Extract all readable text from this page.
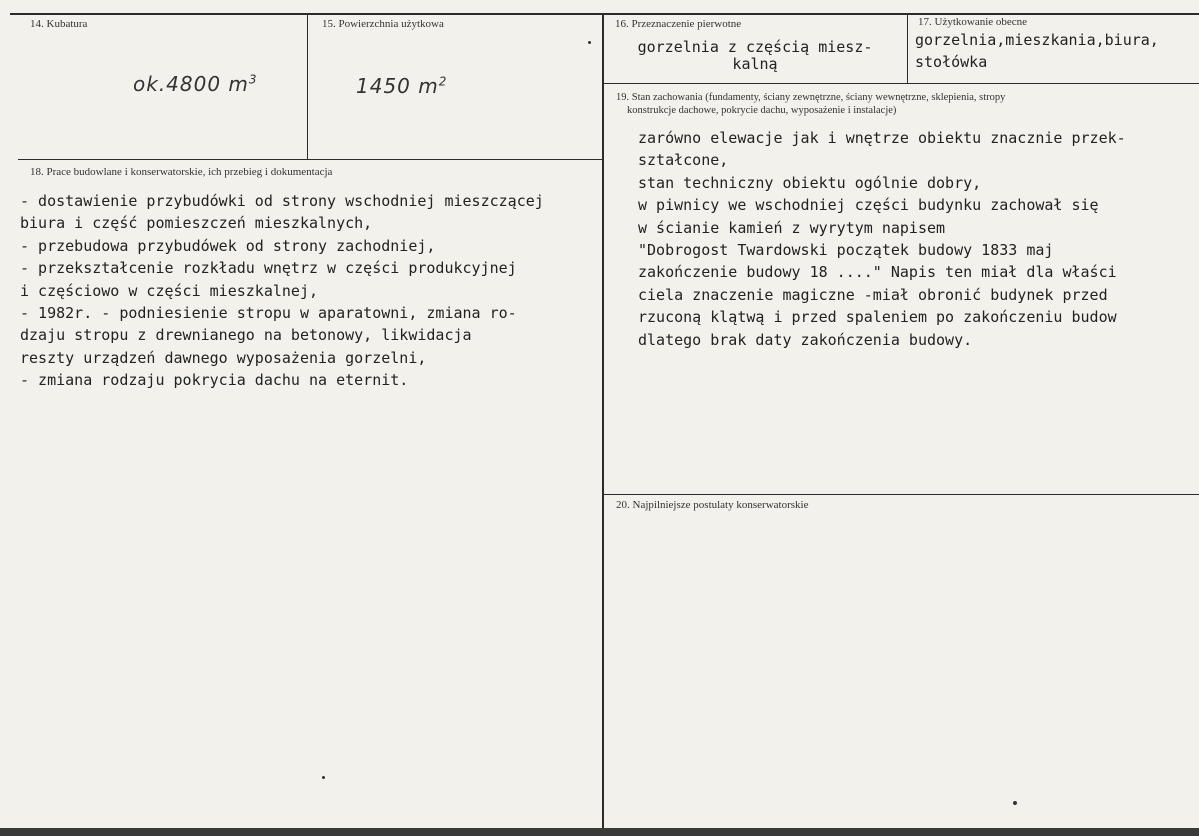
14. Kubatura
ok.4800 $m^3$
15. Powierzchnia użytkowa
1450 $m^2$
16. Przeznaczenie pierwotne
gorzelnia z częścią miesz-
kalną
17. Użytkowanie obecne
gorzelnia,mieszkania,biura,
stołówka
18. Prace budowlane i konserwatorskie, ich przebieg i dokumentacja
- dostawienie przybudówki od strony wschodniej mieszczącej
biura i część pomieszczeń mieszkalnych,
- przebudowa przybudówek od strony zachodniej,
- przekształcenie rozkładu wnętrz w części produkcyjnej
i częściowo w części mieszkalnej,
- 1982r. - podniesienie stropu w aparatowni, zmiana ro-
dzaju stropu z drewnianego na betonowy, likwidacja
reszty urządzeń dawnego wyposażenia gorzelni,
- zmiana rodzaju pokrycia dachu na eternit.
19. Stan zachowania (fundamenty, ściany zewnętrzne, ściany wewnętrzne, sklepienia, stropy
konstrukcje dachowe, pokrycie dachu, wyposażenie i instalacje)
zarówno elewacje jak i wnętrze obiektu znacznie przek-
ształcone,
stan techniczny obiektu ogólnie dobry,
w piwnicy we wschodniej części budynku zachował się
w ścianie kamień z wyrytym napisem
"Dobrogost Twardowski początek budowy 1833 maj
zakończenie budowy 18 ...." Napis ten miał dla właści
ciela znaczenie magiczne -miał obronić budynek przed
rzuconą klątwą i przed spaleniem po zakończeniu budow
dlatego brak daty zakończenia budowy.
20. Najpilniejsze postulaty konserwatorskie
